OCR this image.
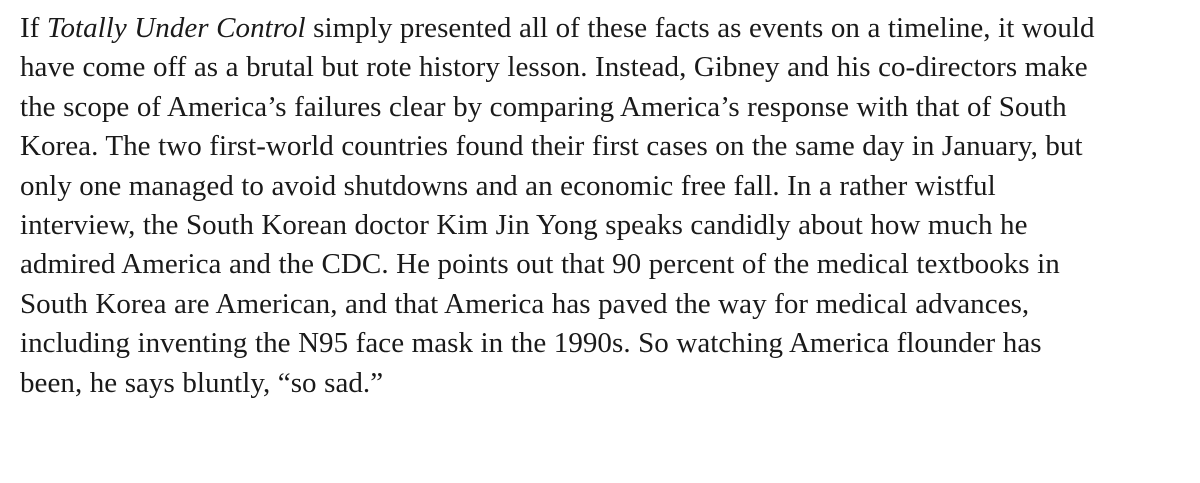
If Totally Under Control simply presented all of these facts as events on a timeline, it would
have come off as a brutal but rote history lesson. Instead, Gibney and his co-directors make
the scope of America’s failures clear by comparing America’s response with that of South
Korea. The two first-world countries found their first cases on the same day in January, but
only one managed to avoid shutdowns and an economic free fall. In a rather wistful
interview, the South Korean doctor Kim Jin Yong speaks candidly about how much he
admired America and the CDC. He points out that 90 percent of the medical textbooks in
South Korea are American, and that America has paved the way for medical advances,
including inventing the N95 face mask in the 1990s. So watching America flounder has
been, he says bluntly, “so sad.”
